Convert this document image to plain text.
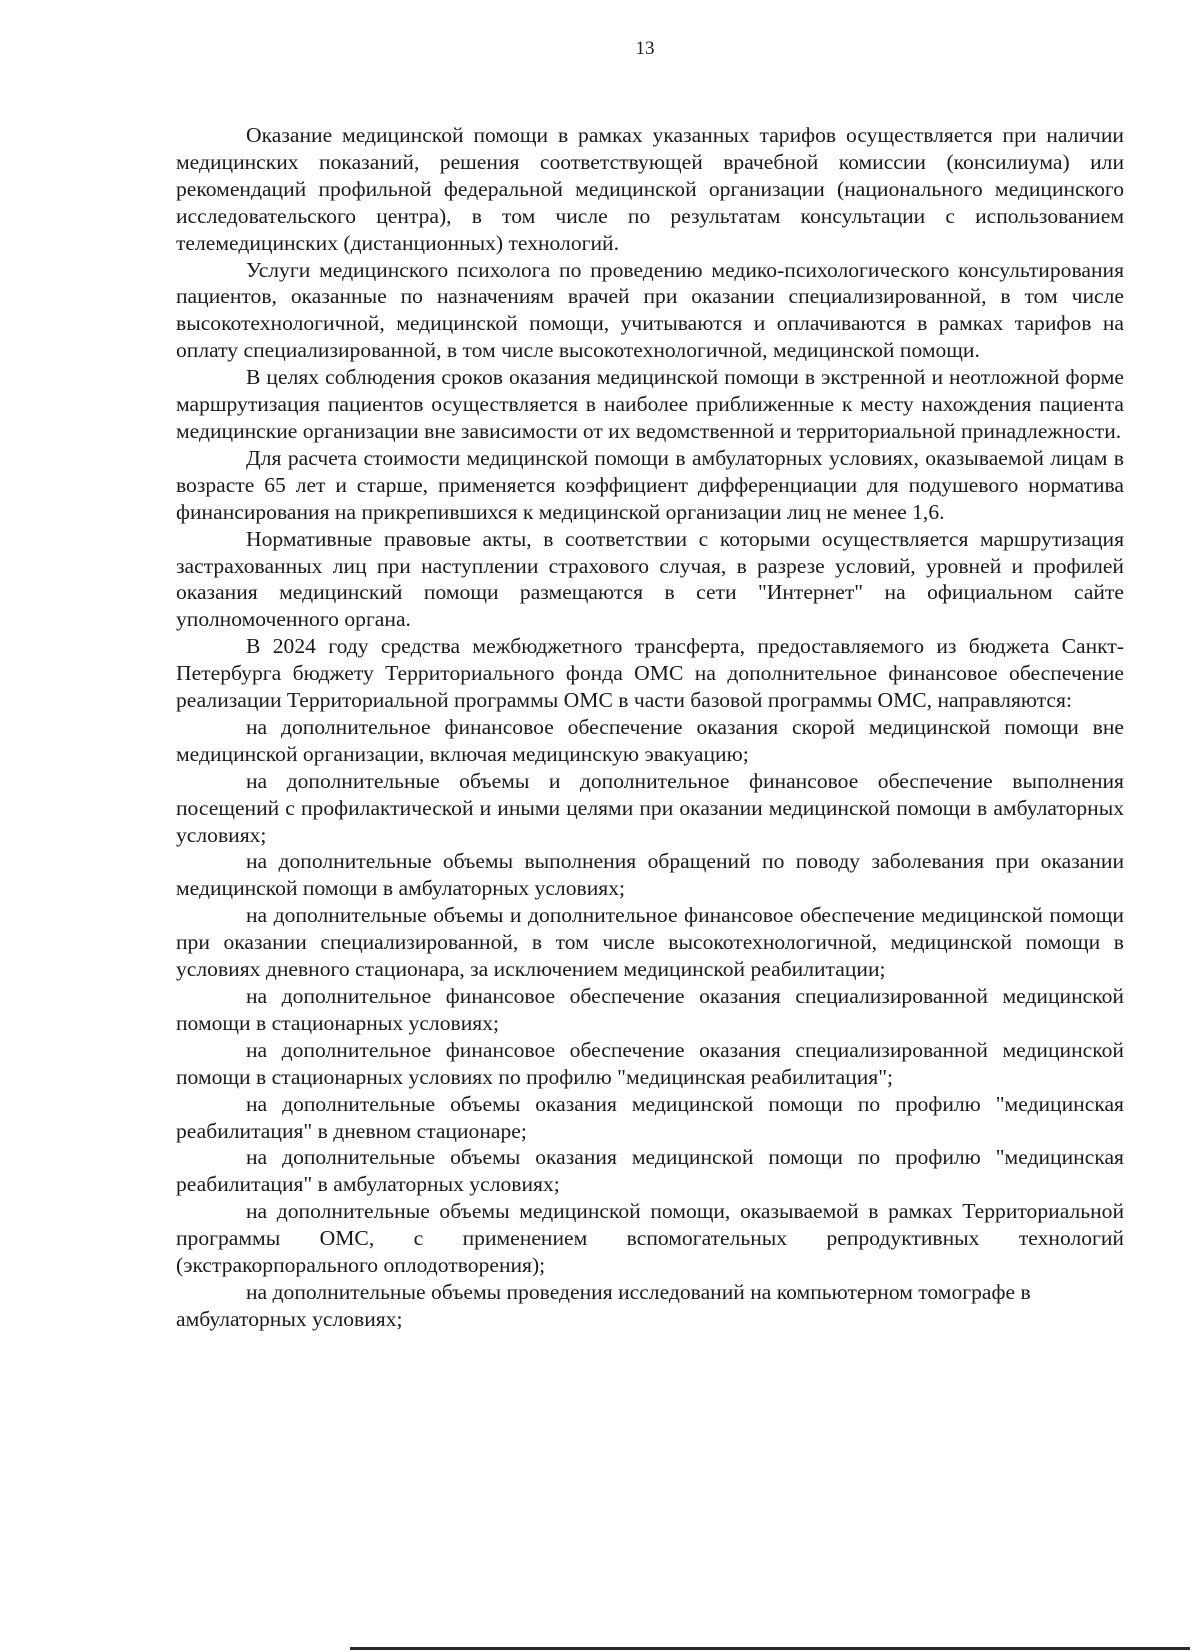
13

Оказание медицинской помощи в рамках указанных тарифов осуществляется при наличии медицинских показаний, решения соответствующей врачебной комиссии (консилиума) или рекомендаций профильной федеральной медицинской организации (национального медицинского исследовательского центра), в том числе по результатам консультации с использованием телемедицинских (дистанционных) технологий.

Услуги медицинского психолога по проведению медико-психологического консультирования пациентов, оказанные по назначениям врачей при оказании специализированной, в том числе высокотехнологичной, медицинской помощи, учитываются и оплачиваются в рамках тарифов на оплату специализированной, в том числе высокотехнологичной, медицинской помощи.

В целях соблюдения сроков оказания медицинской помощи в экстренной и неотложной форме маршрутизация пациентов осуществляется в наиболее приближенные к месту нахождения пациента медицинские организации вне зависимости от их ведомственной и территориальной принадлежности.

Для расчета стоимости медицинской помощи в амбулаторных условиях, оказываемой лицам в возрасте 65 лет и старше, применяется коэффициент дифференциации для подушевого норматива финансирования на прикрепившихся к медицинской организации лиц не менее 1,6.

Нормативные правовые акты, в соответствии с которыми осуществляется маршрутизация застрахованных лиц при наступлении страхового случая, в разрезе условий, уровней и профилей оказания медицинский помощи размещаются в сети "Интернет" на официальном сайте уполномоченного органа.

В 2024 году средства межбюджетного трансферта, предоставляемого из бюджета Санкт-Петербурга бюджету Территориального фонда ОМС на дополнительное финансовое обеспечение реализации Территориальной программы ОМС в части базовой программы ОМС, направляются:

на дополнительное финансовое обеспечение оказания скорой медицинской помощи вне медицинской организации, включая медицинскую эвакуацию;

на дополнительные объемы и дополнительное финансовое обеспечение выполнения посещений с профилактической и иными целями при оказании медицинской помощи в амбулаторных условиях;

на дополнительные объемы выполнения обращений по поводу заболевания при оказании медицинской помощи в амбулаторных условиях;

на дополнительные объемы и дополнительное финансовое обеспечение медицинской помощи при оказании специализированной, в том числе высокотехнологичной, медицинской помощи в условиях дневного стационара, за исключением медицинской реабилитации;

на дополнительное финансовое обеспечение оказания специализированной медицинской помощи в стационарных условиях;

на дополнительное финансовое обеспечение оказания специализированной медицинской помощи в стационарных условиях по профилю "медицинская реабилитация";

на дополнительные объемы оказания медицинской помощи по профилю "медицинская реабилитация" в дневном стационаре;

на дополнительные объемы оказания медицинской помощи по профилю "медицинская реабилитация" в амбулаторных условиях;

на дополнительные объемы медицинской помощи, оказываемой в рамках Территориальной программы ОМС, с применением вспомогательных репродуктивных технологий (экстракорпорального оплодотворения);

на дополнительные объемы проведения исследований на компьютерном томографе в амбулаторных условиях;
